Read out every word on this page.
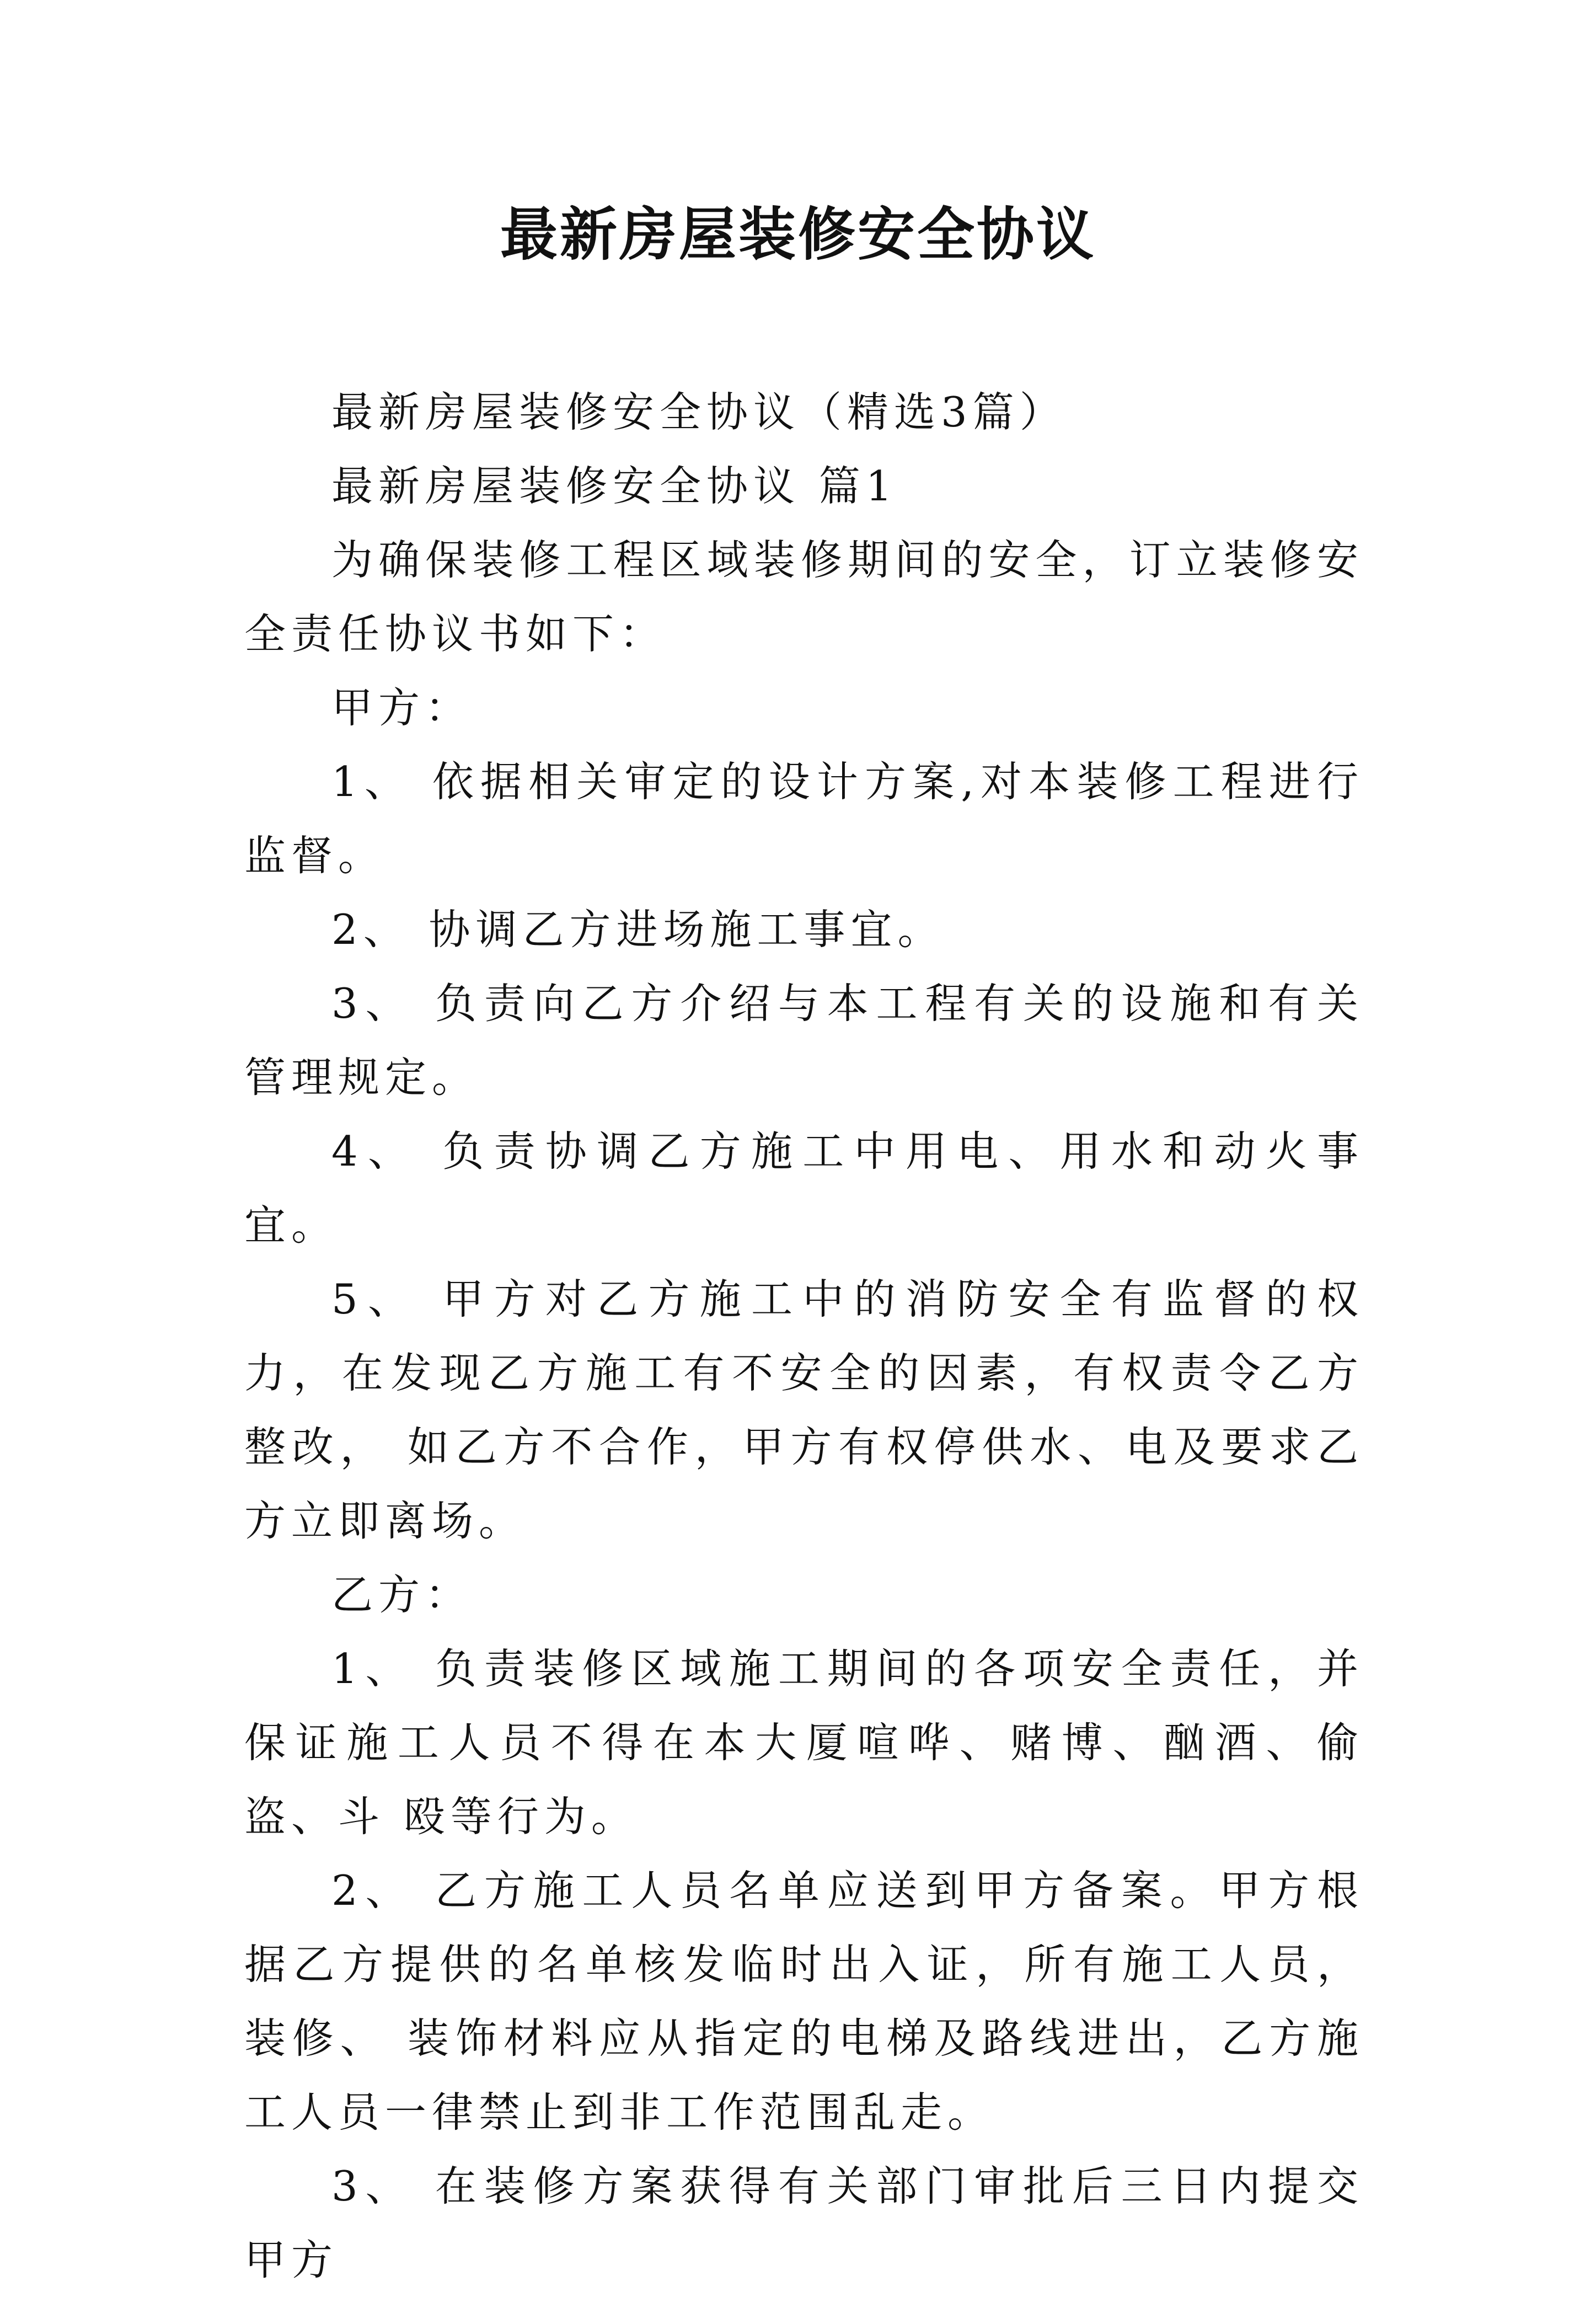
最新房屋装修安全协议

最新房屋装修安全协议（精选3篇）

最新房屋装修安全协议 篇1

为确保装修工程区域装修期间的安全，订立装修安全责任协议书如下：

甲方：

1、 依据相关审定的设计方案,对本装修工程进行监督。

2、 协调乙方进场施工事宜。

3、 负责向乙方介绍与本工程有关的设施和有关管理规定。

4、 负责协调乙方施工中用电、用水和动火事宜。

5、 甲方对乙方施工中的消防安全有监督的权力，在发现乙方施工有不安全的因素，有权责令乙方整改， 如乙方不合作，甲方有权停供水、电及要求乙方立即离场。

乙方：

1、 负责装修区域施工期间的各项安全责任，并保证施工人员不得在本大厦喧哗、赌博、酗酒、偷盗、斗 殴等行为。

2、 乙方施工人员名单应送到甲方备案。甲方根据乙方提供的名单核发临时出入证，所有施工人员，装修、 装饰材料应从指定的电梯及路线进出，乙方施工人员一律禁止到非工作范围乱走。

3、 在装修方案获得有关部门审批后三日内提交甲方
